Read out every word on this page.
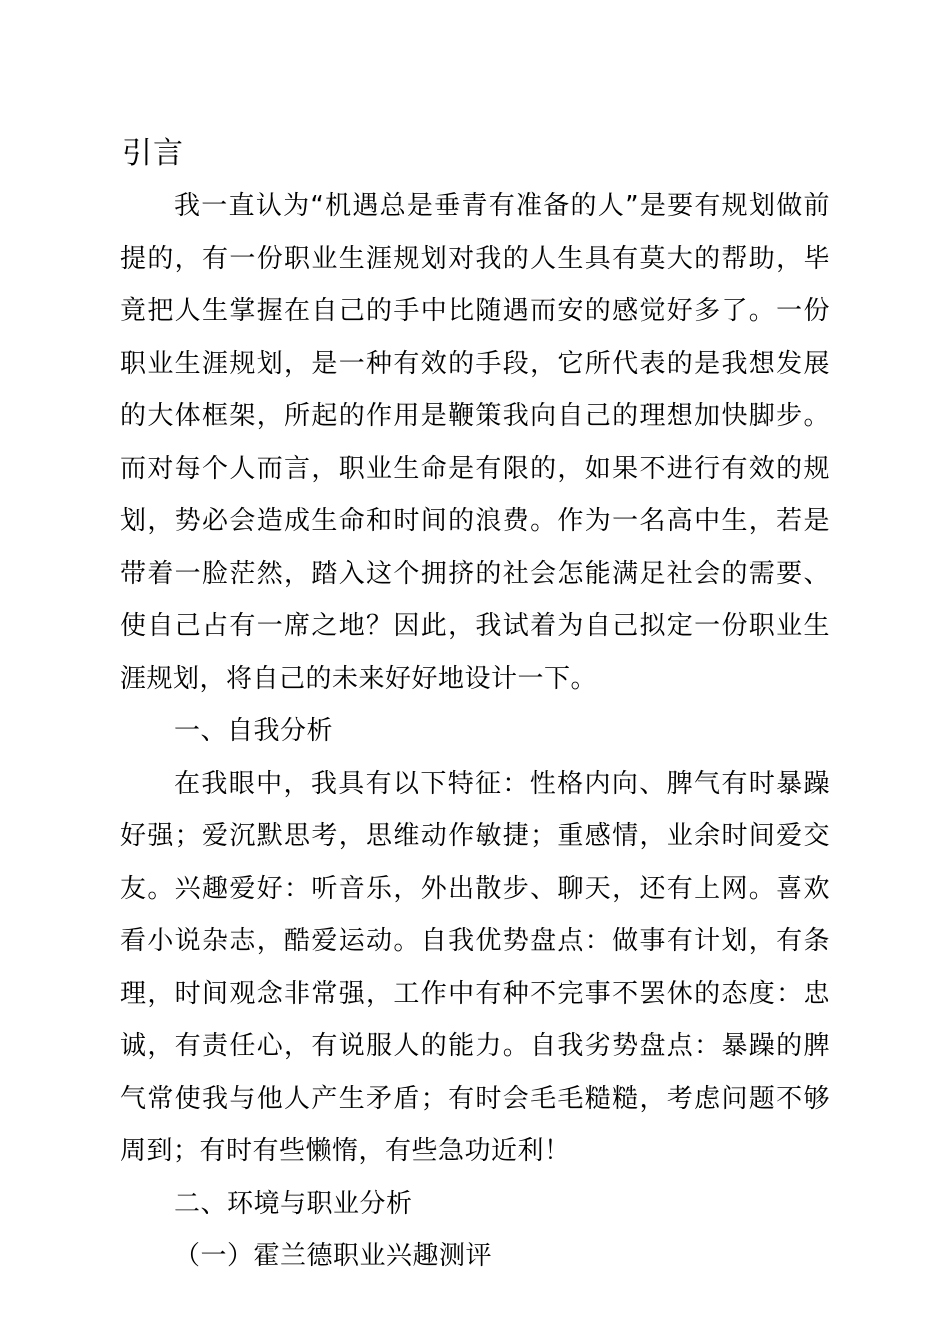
引言

我一直认为“机遇总是垂青有准备的人”是要有规划做前提的，有一份职业生涯规划对我的人生具有莫大的帮助，毕竟把人生掌握在自己的手中比随遇而安的感觉好多了。一份职业生涯规划，是一种有效的手段，它所代表的是我想发展的大体框架，所起的作用是鞭策我向自己的理想加快脚步。而对每个人而言，职业生命是有限的，如果不进行有效的规划，势必会造成生命和时间的浪费。作为一名高中生，若是带着一脸茫然，踏入这个拥挤的社会怎能满足社会的需要、使自己占有一席之地？因此，我试着为自己拟定一份职业生涯规划，将自己的未来好好地设计一下。

一、自我分析

在我眼中，我具有以下特征：性格内向、脾气有时暴躁好强；爱沉默思考，思维动作敏捷；重感情，业余时间爱交友。兴趣爱好：听音乐，外出散步、聊天，还有上网。喜欢看小说杂志，酷爱运动。自我优势盘点：做事有计划，有条理，时间观念非常强，工作中有种不完事不罢休的态度：忠诚，有责任心，有说服人的能力。自我劣势盘点：暴躁的脾气常使我与他人产生矛盾；有时会毛毛糙糙，考虑问题不够周到；有时有些懒惰，有些急功近利！

二、环境与职业分析
（一）霍兰德职业兴趣测评
